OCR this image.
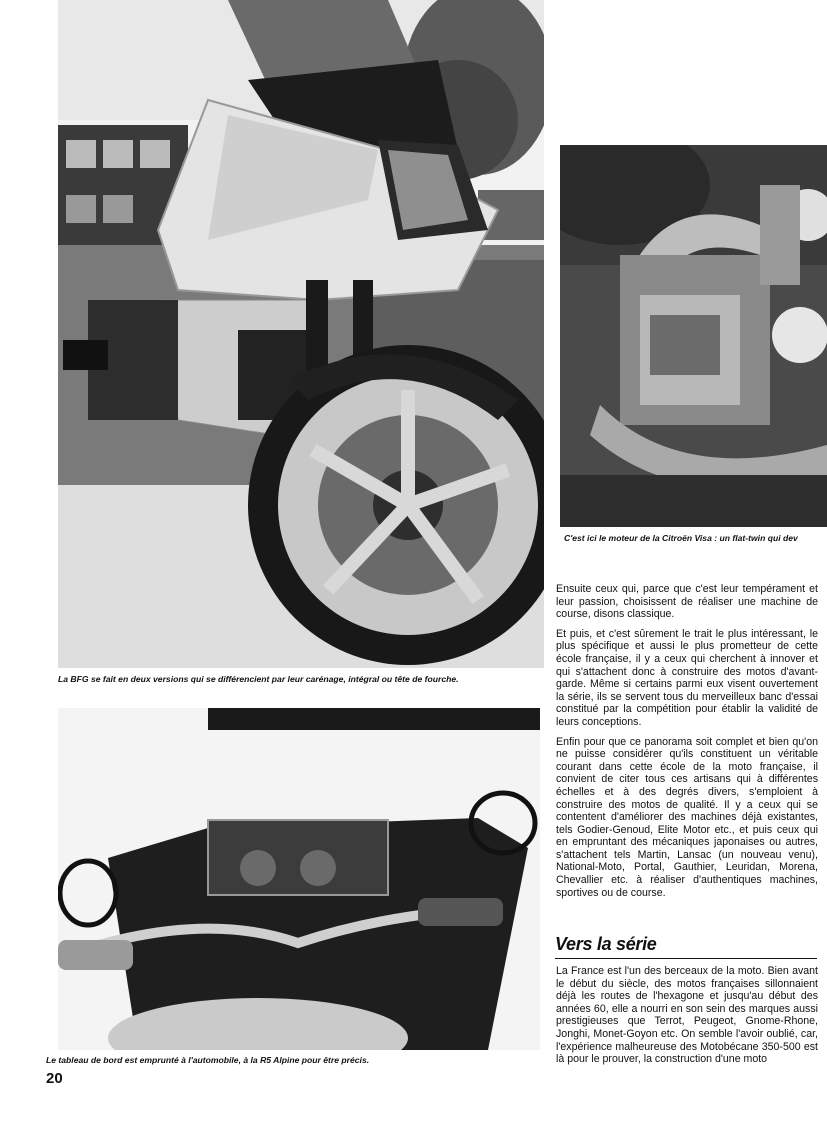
La BFG se fait en deux versions qui se différencient par leur carénage, intégral ou tête de fourche.
C'est ici le moteur de la Citroën Visa : un flat-twin qui dev
Le tableau de bord est emprunté à l'automobile, à la R5 Alpine pour être précis.

Ensuite ceux qui, parce que c'est leur tempérament et leur passion, choisissent de réaliser une machine de course, disons classique.

Et puis, et c'est sûrement le trait le plus intéressant, le plus spécifique et aussi le plus prometteur de cette école française, il y a ceux qui cherchent à innover et qui s'attachent donc à construire des motos d'avant-garde. Même si certains parmi eux visent ouvertement la série, ils se servent tous du merveilleux banc d'essai constitué par la compétition pour établir la validité de leurs conceptions.

Enfin pour que ce panorama soit complet et bien qu'on ne puisse considérer qu'ils constituent un véritable courant dans cette école de la moto française, il convient de citer tous ces artisans qui à différentes échelles et à des degrés divers, s'emploient à construire des motos de qualité. Il y a ceux qui se contentent d'améliorer des machines déjà existantes, tels Godier-Genoud, Elite Motor etc., et puis ceux qui en empruntant des mécaniques japonaises ou autres, s'attachent tels Martin, Lansac (un nouveau venu), National-Moto, Portal, Gauthier, Leuridan, Morena, Chevallier etc. à réaliser d'authentiques machines, sportives ou de course.

Vers la série

La France est l'un des berceaux de la moto. Bien avant le début du siècle, des motos françaises sillonnaient déjà les routes de l'hexagone et jusqu'au début des années 60, elle a nourri en son sein des marques aussi prestigieuses que Terrot, Peugeot, Gnome-Rhone, Jonghi, Monet-Goyon etc. On semble l'avoir oublié, car, l'expérience malheureuse des Motobécane 350-500 est là pour le prouver, la construction d'une moto

20
